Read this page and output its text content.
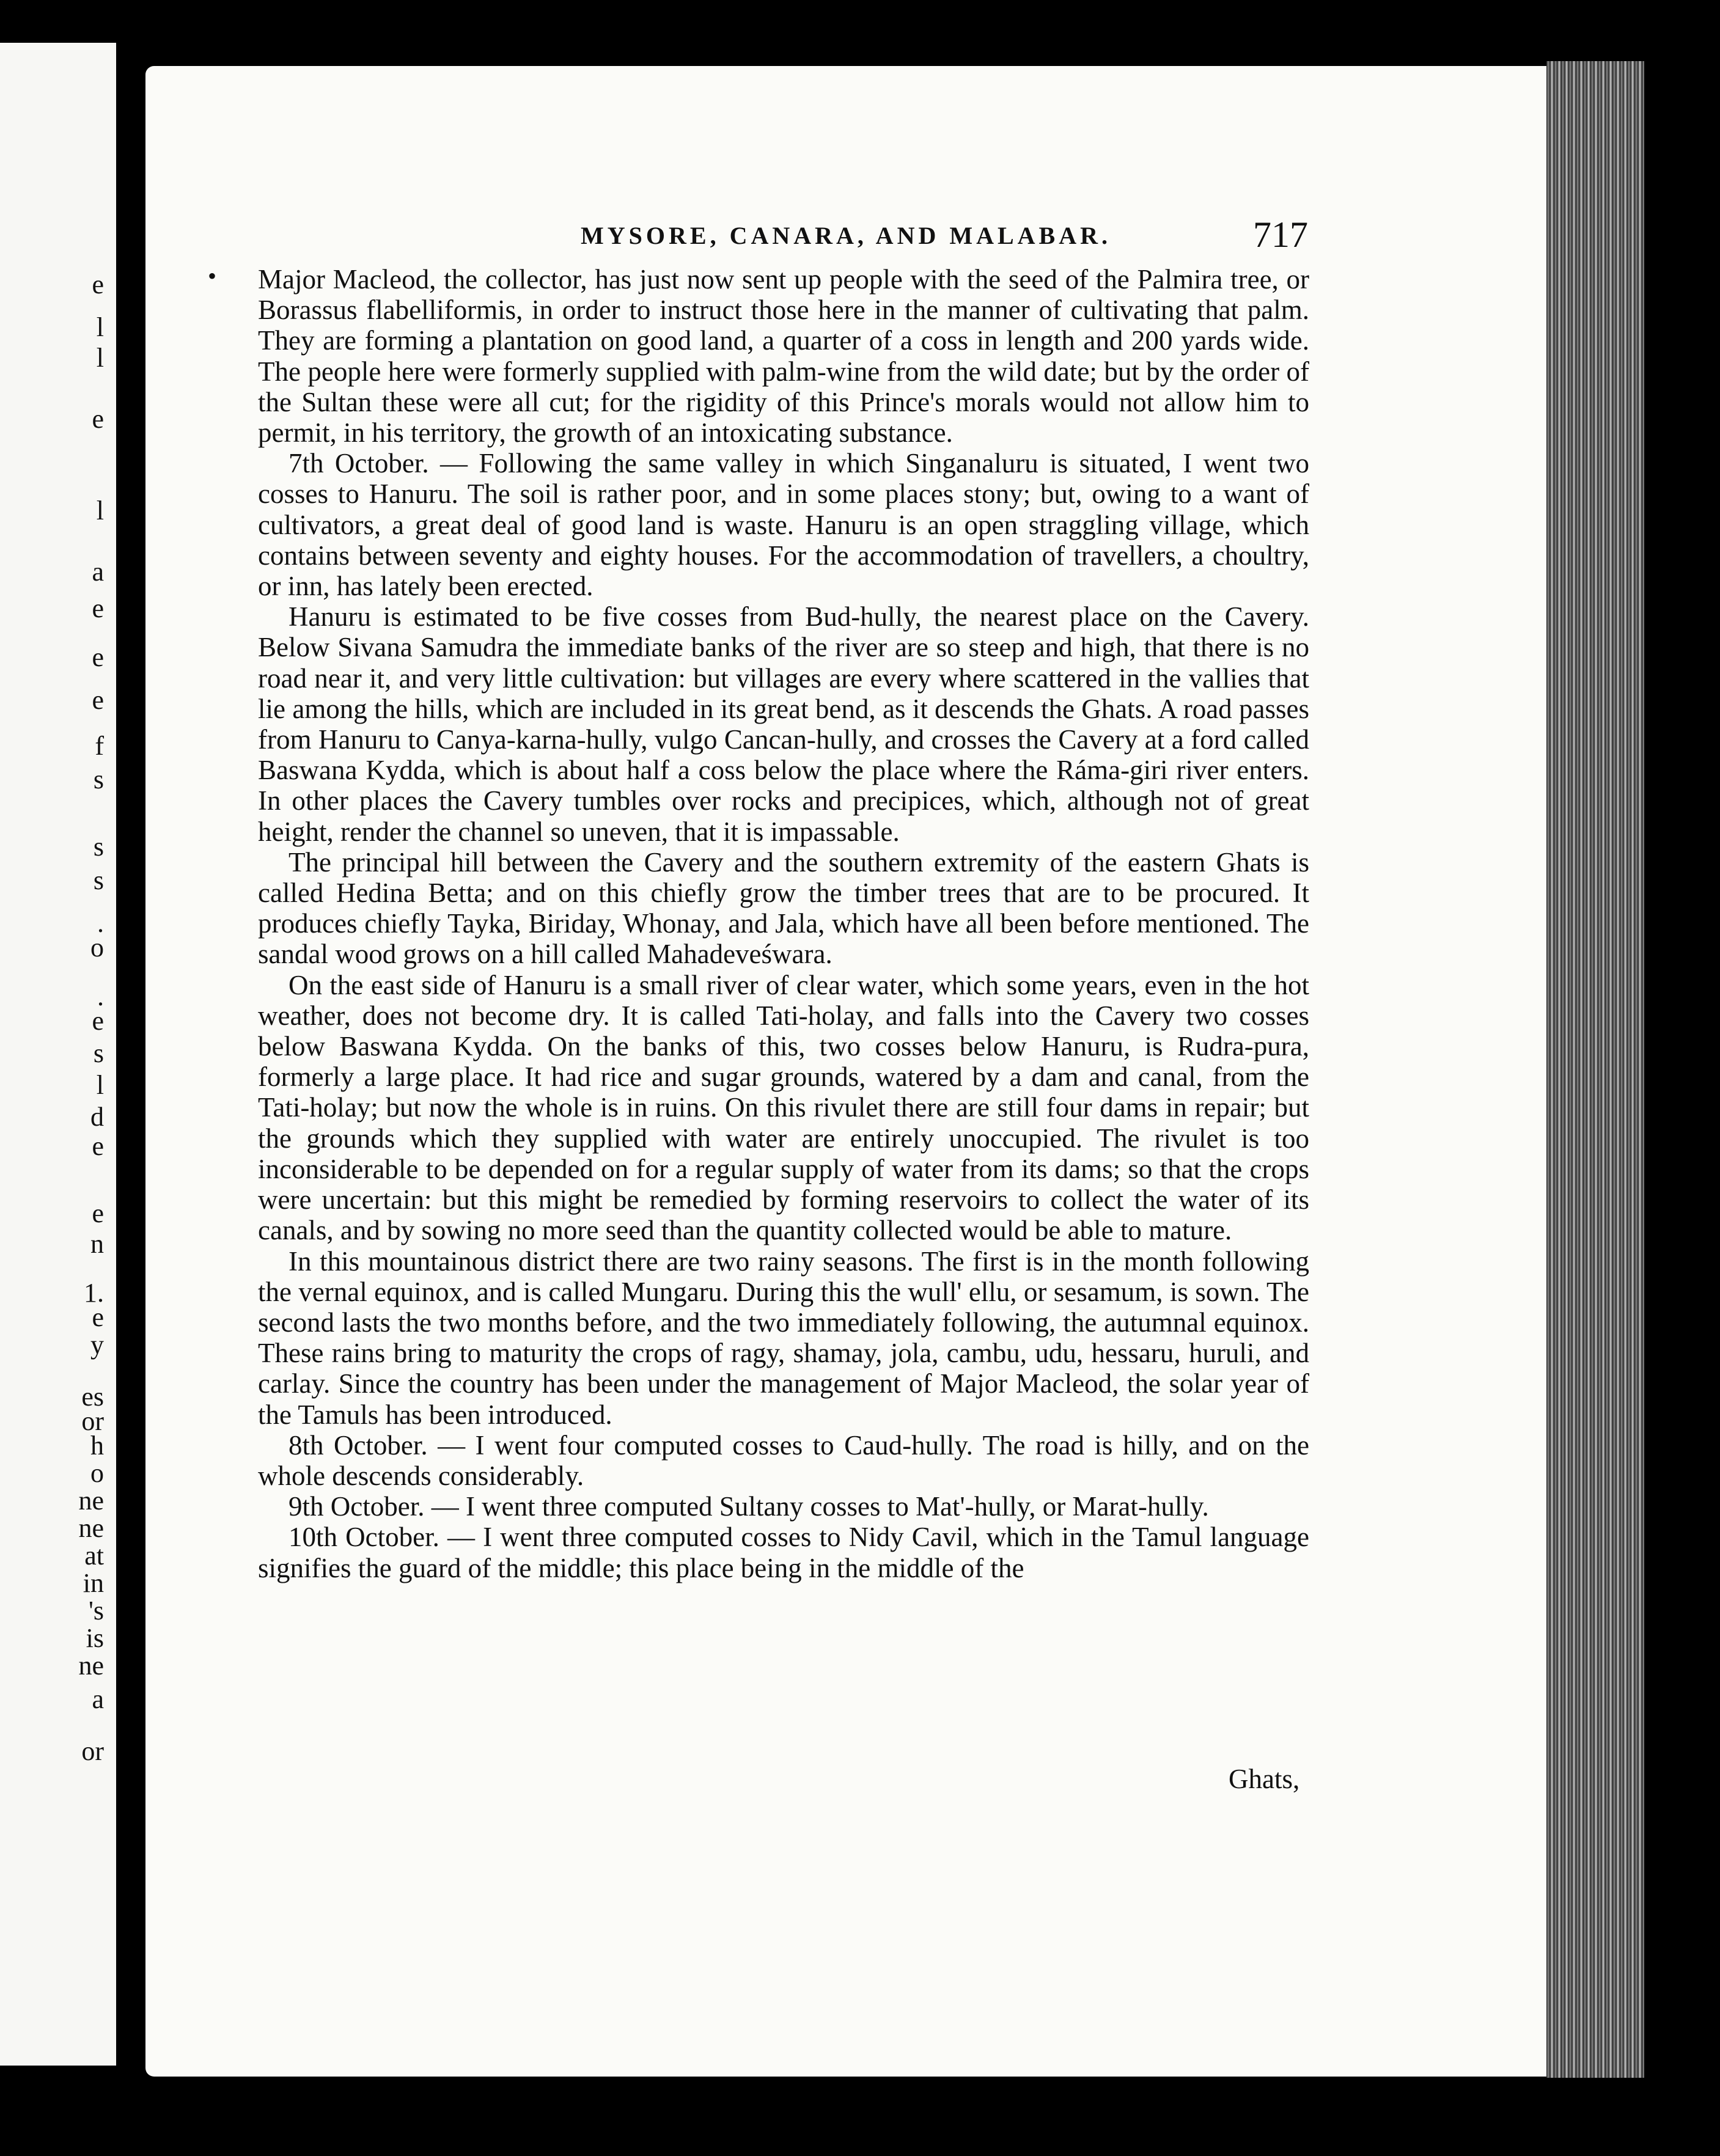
e
l
l
e
l
a
e
e
e
f
s
s
s
.
o
.
e
s
l
d
e
e
n
1.
e
y
es
or
h
o
ne
ne
at
in
's
is
ne
a
or
MYSORE, CANARA, AND MALABAR.	717
• Major Macleod, the collector, has just now sent up people with the seed of the Palmira tree, or Borassus flabelliformis, in order to instruct those here in the manner of cultivating that palm. They are forming a plantation on good land, a quarter of a coss in length and 200 yards wide. The people here were formerly supplied with palm-wine from the wild date; but by the order of the Sultan these were all cut; for the rigidity of this Prince's morals would not allow him to permit, in his territory, the growth of an intoxicating substance.

7th October. — Following the same valley in which Singanaluru is situated, I went two cosses to Hanuru. The soil is rather poor, and in some places stony; but, owing to a want of cultivators, a great deal of good land is waste. Hanuru is an open straggling village, which contains between seventy and eighty houses. For the accommodation of travellers, a choultry, or inn, has lately been erected.

Hanuru is estimated to be five cosses from Bud-hully, the nearest place on the Cavery. Below Sivana Samudra the immediate banks of the river are so steep and high, that there is no road near it, and very little cultivation: but villages are every where scattered in the vallies that lie among the hills, which are included in its great bend, as it descends the Ghats. A road passes from Hanuru to Canya-karna-hully, vulgo Cancan-hully, and crosses the Cavery at a ford called Baswana Kydda, which is about half a coss below the place where the Ráma-giri river enters. In other places the Cavery tumbles over rocks and precipices, which, although not of great height, render the channel so uneven, that it is impassable.

The principal hill between the Cavery and the southern extremity of the eastern Ghats is called Hedina Betta; and on this chiefly grow the timber trees that are to be procured. It produces chiefly Tayka, Biriday, Whonay, and Jala, which have all been before mentioned. The sandal wood grows on a hill called Mahadeveśwara.

On the east side of Hanuru is a small river of clear water, which some years, even in the hot weather, does not become dry. It is called Tati-holay, and falls into the Cavery two cosses below Baswana Kydda. On the banks of this, two cosses below Hanuru, is Rudra-pura, formerly a large place. It had rice and sugar grounds, watered by a dam and canal, from the Tati-holay; but now the whole is in ruins. On this rivulet there are still four dams in repair; but the grounds which they supplied with water are entirely unoccupied. The rivulet is too inconsiderable to be depended on for a regular supply of water from its dams; so that the crops were uncertain: but this might be remedied by forming reservoirs to collect the water of its canals, and by sowing no more seed than the quantity collected would be able to mature.

In this mountainous district there are two rainy seasons. The first is in the month following the vernal equinox, and is called Mungaru. During this the wull' ellu, or sesamum, is sown. The second lasts the two months before, and the two immediately following, the autumnal equinox. These rains bring to maturity the crops of ragy, shamay, jola, cambu, udu, hessaru, huruli, and carlay. Since the country has been under the management of Major Macleod, the solar year of the Tamuls has been introduced.

8th October. — I went four computed cosses to Caud-hully. The road is hilly, and on the whole descends considerably.

9th October. — I went three computed Sultany cosses to Mat'-hully, or Marat-hully.

10th October. — I went three computed cosses to Nidy Cavil, which in the Tamul language signifies the guard of the middle; this place being in the middle of the

Ghats,
